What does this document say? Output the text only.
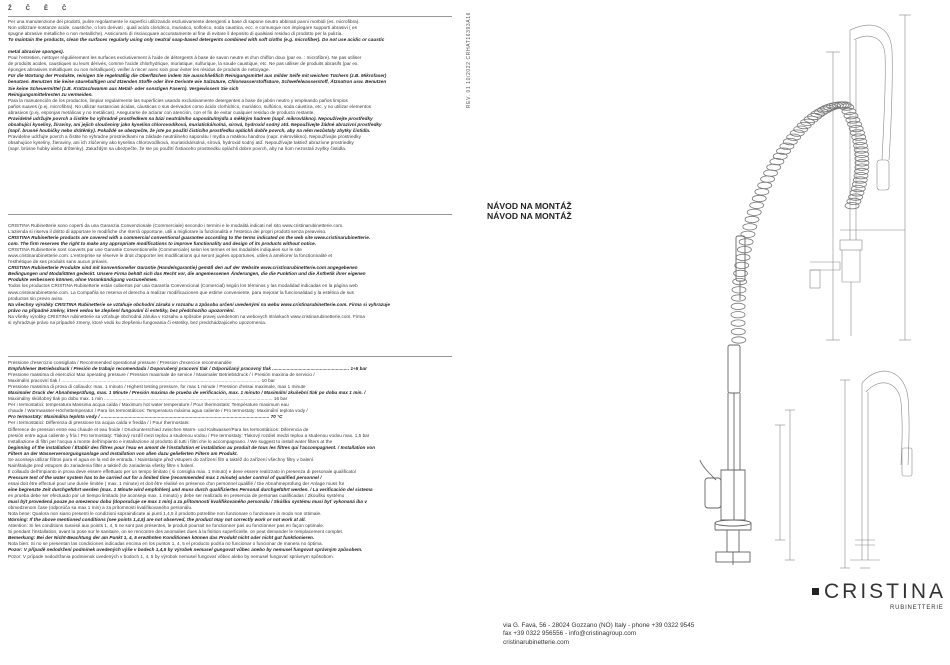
ŽČĚČ

Per una manutenzione dei prodotti, pulire regolarmente le superfici utilizzando esclusivamente detergenti a base di sapone neutro abbinati panni morbidi (es. microfibra).

Non utilizzare sostanze acide, caustiche, o loro derivati , quali acido cloridrico, muriatico, solforico, soda caustica, ecc. e comunque non impiegare supporti abrasivi ( es

spugne abrasive metalliche o non metalliche). Assicurarsi di risciacquare accuratamente al fine di evitare il deposito di qualsiasi residuo di prodotto per la pulizia.

To maintain the products, clean the surfaces regularly using only neutral soap-based detergents combined with soft cloths (e.g. microfiber). Do not use acidic or caustic

metal abrasive sponges).

Pour l'entretien, nettoyer régulièrement les surfaces exclusivement à l'aide de détergents à base de savon neutre et d'un chiffon doux (par ex. : microfibre). Ne pas utiliser

de produits acides, caustiques ou leurs dérivés, comme l'acide chlorhydrique, muriatique, sulfurique, la soude caustique, etc. Ne pas utiliser de produits abrasifs (par ex.

éponges abrasives métalliques ou non métalliques). veiller à rincer avec soin pour éviter les résidus de produits de nettoyage.

Für die Wartung der Produkte, reinigen Sie regelmäßig die Oberflächen indem Sie ausschließlich Reinigungsmittel aus milder Seife mit weichen Tüchern (z.B. Mikrofaser)

benutzen. Benutzen Sie keine säurehaltigen und ätzenden Stoffe oder ihre Derivate wie Salzsäure, Chlorwasserstoffsäure, Schwefelwasserstoff, Ätznatron usw. Benutzen

Sie keine Scheuermittel (z.B. Kratzschwamm aus Metall- oder sonstigen Fasern). Vergewissern Sie sich

Reinigungsmittelresten zu vermeiden.

Para la manutención de los productos, limpiar regularmente las superficies usando exclusivamente detergentes a base de jabón neutro y empleando paños limpios

paños suaves (p.ej. microfibra). No utilizar sustancias ácidas, cáusticas o sus derivados como ácido clorhídrico, muriático, sulfúrico, soda cáustica, etc. y no utilizar elementos

abrasivos (p.ej. esponjas metálicas y no metálicas). Asegurarse de aclarar con atención, con el fin de evitar cualquier residuo de producto restante.

Pravidelně udržujte povrch a čistěte ho výhradně prostředkem na bázi neutrálního saponátu/mýdla a měkkým hadrem (např. mikrovlákno). Nepoužívejte prostředky

obsahující kyseliny, žíraviny, ani jejich sloučeniny jako kyselina chlorovodíková, muriatická/solná, sírová, hydroxid sodný atd. Nepoužívejte žádné abrazivní prostředky

(např. brusné houbičky nebo drátěnky). Pokaždé se ubezpečte, že jste po použití čisticího prostředku opláchli dobře povrch, aby na něm nezůstaly zbytky čistidla.

Pravidelne udržujte povrch a čistite ho výhradne prostriedkami na základe neutrálneho saponátu / mydla a mäkkou handrou (napr. mikrovlákno). Nepoužívajte prostriedky

obsahujúce kyseliny, žieraviny, ani ich zlúčeniny ako kyselina chlorovodíková, muriatická/solná, sírová, hydroxid sodný atď. Nepoužívajte taktiež abrazívne prostriedky

(napr. brúsne hubky alebo drôtenky). Zakaždým sa ubezpečte, že ste po použití čistiaceho prostriedku opláchli dobre povrch, aby na ňom nezostali zvyšky čistidla.

CRISTINA Rubinetterie sono coperti da una Garanzia Convenzionale (Commerciale) secondo i termini e le modalità indicati nel sito www.cristinarubinetterie.com.

L'azienda si riserva il diritto di apportare le modifiche che riterrà opportune, utili a migliorare la funzionalità e l'estetica dei propri prodotti senza preavviso.

CRISTINA Rubinetterie products are covered with a commercial conventional guarantee according to the terms indicated on the web site www.cristinarubinetterie.

com. The firm reserves the right to make any appropriate modifications to improve functionality and design of its products without notice.

CRISTINA Rubinetterie sont couverts par une Garantie Conventionnelle (Commerciale) selon les termes et les modalités indiquées sur le site

www.cristinarubinetterie.com. L'entreprise se réserve le droit d'apporter les modifications qui seront jugées opportunes, utiles à améliorer la fonctionnalité et

l'esthétique de ses produits sans aucun préavis.

CRISTINA Rubinetterie Produkte sind mit konventioneller Garantie (Handelsgarantie) gemäß den auf der Website www.cristinarubinetterie.com angegebenen

Bedingungen und Modalitäten gedeckt. Unsere Firma behält sich das Recht vor, die angemessenen Änderungen, die die Funktion und die Ästhetik ihrer eigenen

Produkte verbessern können, ohne Vorankündigung vorzunehmen.

Todos los productos CRISTINA Rubinetterie están cubiertos por una Garantía Convencional (Comercial) según los términos y las modalidad indicadas en la página web

www.cristinarubinetterie.com. La Compañía se reserva el derecho a realizar modificaciones que estime conveniente, para mejorar la funcionalidad y la estética de sus

productos sin previo aviso.

Na všechny výrobky CRISTINA Rubinetterie se vztahuje obchodní záruka v rozsahu a způsobu určení uvedenými na webu www.cristinarubinetterie.com. Firma si vyhrazuje

právo na případné změny, které vedou ke zlepšení fungování či estetiky, bez předchozího upozornění.

Na všetky výrobky CRISTINA rubinetterie sa vzťahuje obchodná záruka v rozsahu a spôsobe pravej uvedenom na webovych stránkach www.cristinarubinetterie.com. Firma

si vyhradzuje právo na prípadné zmeny, ktoré vedú ku zlepšeniu fungovania či estetiky, bez predchádzajúceho upozornenia.

Pressione d'esercizio consigliata / Recommended operational pressure / Pression d'exercice recommandée

Empfohlener Betriebsdruck / Presión de trabajo recomendada / Doporučený pracovní tlak / Odporúčaný pracovný tlak .......................................................... 1÷5 bar

Pressione massima di esercizio/ Max operating pressure / Pression maximale de service / Maximaler Betriebsdruck / / Presión maxima de servicio /

Maximální pracovní tlak / ...................................................................................................................................................... 10 bar

Pressione massima di prova di collaudo: max. 1 minuto / Highest testing pressure, for max 1 minute / Pression d'essai maximale, max 1 minute

Maximaler Druck der Abnahmeprüfung, max. 1 Minute / Presión maxima de prueba de verificación, max. 1 minuto / Maximální zkušební tlak po dobu max 1 min. /

Maximálny skúšobný tlak po dobu max. 1 min ............................................................................................................................... 16 bar

Per i termostatici: temperatura Massima acqua calda / Maximum hot water temperature / Pour thermostats: Température maximum eau

chaude / Warmwasser-Höchsttemperatur / Para los termostáticos: Temperatura máxima agua caliente / Pro termostaty: Maximální teplota vody /

Pro termostaty: Maximálna teplota vody / ............................................................................................................................... 70 °C

Per i termostatici: Differenza di pressione tra acqua calda e fredda / / Pour thermostats:

Difference de pression entre eau chaude et eau froide / Druckunterschied zwischen Warm- und Kaltwasser/Para los termostáticos: Diferencia de

presión entre agua caliente y fría / Pro termostaty: Tlakový rozdíl mezi teplou a studenou vodou / Pre termostaty: Tlakový rozdiel medzi teplou a studenou vodou max. 1,5 bar

Installazione di filtri per l'acqua a monte dell'impianto e installazione al prodotto di tutti i filtri che lo accompagnano. / We suggest to install water filters at the

beginning of the installation / Établir des filtres pour l'eau en amont de l'installation et installation au produit de tous les filtres qui l'accompagnent. / Installation von

Filtern an der Wasserversorgungsanlage und Installation von allen dazu gelieferten Filtern am Produkt.

Se aconseja utilizar filtros para el agua en la red de entrada. / Nainstalujte před vstupem do zařízení filtr a taktéž do zařízení všechny filtry v balení.

Nainštalujte pred vstupom do zariadenia filter a taktiež do zariadenia všetky filtre v balení.

Il collaudo dell'impianto in prova deve essere effettuato per un tempo limitato ( si consiglia max. 1 minuto) e deve essere realizzato in presenza di personale qualificato/

Pressure test of the water system has to be carried out for a limited time (recommended max 1 minute) under control of qualified personnel /

essai doit être effectué pour une durée limitée ( max. 1 minute) et doit être réalisé en présence d'un personnel qualifié / Die Abnahmeprüfung der Anlage muss für

eine begrenzte Zeit durchgeführt werden (max. 1 Minute wird empfohlen) und muss durch qualifiziertes Personal durchgeführt werden. / La verificación del sistema

en prueba debe ser efectuado por un tiempo limitado (se aconseja max. 1 minuto) y debe ser realizado en presencia de personas cualificadas / Zkoušku systému

musí být provedená pouze po omezenou dobu (doporučuje se max 1 min) a za přítomnosti kvalifikovaného personálu / Skúšku systému musí byť vykonaná iba v

obmedzenom čase (odporúča sa max 1 min) a za prítomnosti kvalifikovaného personálu.

Nota bene: Qualora non siano presenti le condizioni sopraindicate ai punti 1,4,5 il prodotto potrebbe non funzionare o funzionare in modo non ottimale.

Warning: If the above mentioned conditions (see points 1,4,5) are not observed, the product may not correctly work or not work at all.

Attention: Si les conditions susvisé aux points 1, 4, 5 ne sont pas présentes, le produit pourrait ne fonctionner pas ou fonctionner pas en façon optimale.

Si pendant l'installation, avant la pose sur le sanitaire, on se rencontre des anomalies dues à la finition superficielle, on peut demander le remplacement complet.

Bemerkung: Bei der Nicht-Beachtung der am Punkt 1, 4, 5 erwähnten Konditionen können das Produkt nicht oder nicht gut funktionieren.

Nota bien: Si no se presentan las condiciones indicadas encima en los puntos 1, 4, 5 el producto podría no funcionar o funcionar de manera no óptima.

Pozor: V případě nedodržení podmínek uvedených výše v bodech 1,4,5 by výrobek nemusel gungovat vůbec anebo by nemusel fungovat správným způsobem.

Pozor: V prípade nedodržania podmienok uvedených v bodoch 1, 4, 5 by výrobok nemusel fungovať vôbec alebo by nemusel fungovať správnym spôsobom.

REV. 01 10/2022 CRHAT16393A16
NÁVOD NA MONTÁŽ
NÁVOD NA MONTÁŽ
via G. Fava, 56 - 28024 Gozzano (NO) Italy - phone +39 0322 9545
fax +39 0322 956556 - info@cristinagroup.com
cristinarubinetterie.com
CRISTINA
RUBINETTERIE
